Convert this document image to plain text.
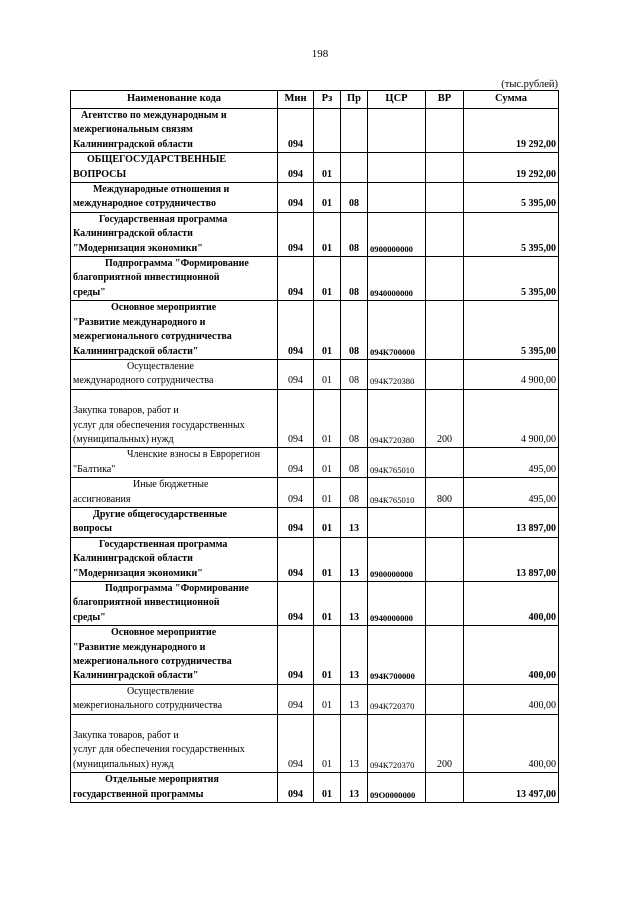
198
(тыс.рублей)
Наименование кода	Мин	Рз	Пр	ЦСР	ВР	Сумма

Агентство по международным и
межрегиональным связям
Калининградской области	094					19 292,00

ОБЩЕГОСУДАРСТВЕННЫЕ
ВОПРОСЫ	094	01				19 292,00

Международные отношения и
международное сотрудничество	094	01	08			5 395,00

Государственная программа
Калининградской области
"Модернизация экономики"	094	01	08	0900000000		5 395,00

Подпрограмма "Формирование
благоприятной инвестиционной
среды"	094	01	08	0940000000		5 395,00

Основное мероприятие
"Развитие международного и
межрегионального сотрудничества
Калининградской области"	094	01	08	094К700000		5 395,00

Осуществление
международного сотрудничества	094	01	08	094К720380		4 900,00

Закупка товаров, работ и
услуг для обеспечения государственных
(муниципальных) нужд	094	01	08	094К720380	200	4 900,00

Членские взносы в Еврорегион
"Балтика"	094	01	08	094К765010		495,00

Иные бюджетные
ассигнования	094	01	08	094К765010	800	495,00

Другие общегосударственные
вопросы	094	01	13			13 897,00

Государственная программа
Калининградской области
"Модернизация экономики"	094	01	13	0900000000		13 897,00

Подпрограмма "Формирование
благоприятной инвестиционной
среды"	094	01	13	0940000000		400,00

Основное мероприятие
"Развитие международного и
межрегионального сотрудничества
Калининградской области"	094	01	13	094К700000		400,00

Осуществление
межрегионального сотрудничества	094	01	13	094К720370		400,00

Закупка товаров, работ и
услуг для обеспечения государственных
(муниципальных) нужд	094	01	13	094К720370	200	400,00

Отдельные мероприятия
государственной программы	094	01	13	09О0000000		13 497,00
